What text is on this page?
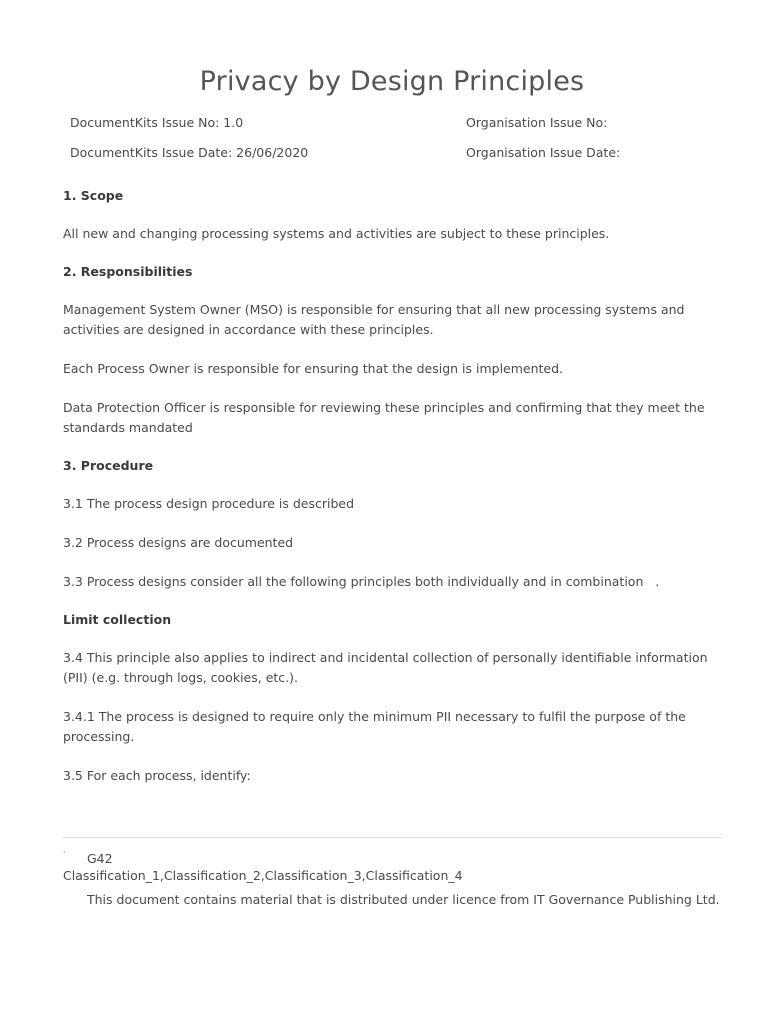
Privacy by Design Principles
DocumentKits Issue No: 1.0	Organisation Issue No:
DocumentKits Issue Date: 26/06/2020	Organisation Issue Date:

1. Scope

All new and changing processing systems and activities are subject to these principles.

2. Responsibilities

Management System Owner (MSO) is responsible for ensuring that all new processing systems and activities are designed in accordance with these principles.

Each Process Owner is responsible for ensuring that the design is implemented.

Data Protection Officer is responsible for reviewing these principles and confirming that they meet the standards mandated

3. Procedure

3.1 The process design procedure is described

3.2 Process designs are documented

3.3 Process designs consider all the following principles both individually and in combination   .

Limit collection

3.4 This principle also applies to indirect and incidental collection of personally identifiable information (PII) (e.g. through logs, cookies, etc.).

3.4.1 The process is designed to require only the minimum PII necessary to fulfil the purpose of the processing.

3.5 For each process, identify:

¹ G42
Classification_1,Classification_2,Classification_3,Classification_4
This document contains material that is distributed under licence from IT Governance Publishing Ltd.
